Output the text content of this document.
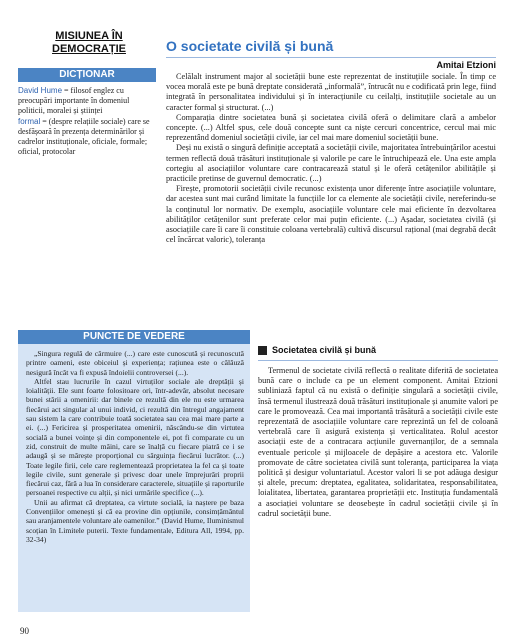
MISIUNEA ÎN
DEMOCRAȚIE
DICȚIONAR
David Hume = filosof englez cu preocupări importante în domeniul politicii, moralei și științei
formal = (despre relațiile sociale) care se desfășoară în prezența determinărilor și cadrelor instituționale, oficiale, formale; oficial, protocolar
O societate civilă și bună
Amitai Etzioni

Celălalt instrument major al societății bune este reprezentat de instituțiile sociale. În timp ce vocea morală este pe bună dreptate considerată „informală”, întrucât nu e codificată prin lege, fiind integrată în personalitatea individului și în interacțiunile cu ceilalți, instituțiile societale au un caracter formal și structurat. (...)

Comparația dintre societatea bună și societatea civilă oferă o delimitare clară a ambelor concepte. (...) Altfel spus, cele două concepte sunt ca niște cercuri concentrice, cercul mai mic reprezentând domeniul societății civile, iar cel mai mare domeniul societății bune.

Deși nu există o singură definiție acceptată a societății civile, majoritatea întrebuințărilor acestui termen reflectă două trăsături instituționale și valorile pe care le întruchipează ele. Una este ampla cortegiu al asociațiilor voluntare care contracarează statul și le oferă cetățenilor abilitățile și practicile pretinse de guvernul democratic. (...)

Firește, promotorii societății civile recunosc existența unor diferențe între asociațiile voluntare, dar acestea sunt mai curând limitate la funcțiile lor ca elemente ale societății civile, nereferindu-se la conținutul lor normativ. De exemplu, asociațiile voluntare cele mai eficiente în dezvoltarea abilităților cetățenilor sunt preferate celor mai puțin eficiente. (...) Așadar, societatea civilă (și asociațiile care îi care îi constituie coloana vertebrală) cultivă discursul rațional (mai degrabă decât cel încărcat valoric), toleranța

PUNCTE DE VEDERE

„Singura regulă de cârmuire (...) care este cunoscută și recunoscută printre oameni, este obiceiul și experiența; rațiunea este o călăuză nesigură încât va fi expusă îndoielii controversei (...).

Altfel stau lucrurile în cazul virtuților sociale ale dreptății și loialității. Ele sunt foarte folositoare ori, într-adevăr, absolut necesare bunei stării a omenirii: dar binele ce rezultă din ele nu este urmarea fiecărui act singular al unui individ, ci rezultă din întregul angajament sau sistem la care contribuie toată societatea sau cea mai mare parte a ei. (...) Fericirea și prosperitatea omenirii, născându-se din virtutea socială a bunei voințe și din componentele ei, pot fi comparate cu un zid, construit de multe mâini, care se înalță cu fiecare piatră ce i se adaugă și se mărește proporțional cu sârguința fiecărui lucrător. (...) Toate legile firii, cele care reglementează proprietatea la fel ca și toate legile civile, sunt generale și privesc doar unele împrejurări proprii fiecărui caz, fără a lua în considerare caracterele, situațiile și raporturile persoanei respective cu alții, și nici urmările specifice (...).

Unii au afirmat că dreptatea, ca virtute socială, ia naștere pe baza Convențiilor omenești și că ea provine din opțiunile, consimțământul sau aranjamentele voluntare ale oamenilor.” (David Hume, Iluminismul scoțian în Limitele puterii. Texte fundamentale, Editura All, 1994, pp. 32-34)

Societatea civilă și bună

Termenul de societate civilă reflectă o realitate diferită de societatea bună care o include ca pe un element component. Amitai Etzioni subliniază faptul că nu există o definiție singulară a societății civile, însă termenul ilustrează două trăsături instituționale și anumite valori pe care le promovează. Cea mai importantă trăsătură a societății civile este reprezentată de asociațiile voluntare care reprezintă un fel de coloană vertebrală care îi asigură existența și verticalitatea. Rolul acestor asociații este de a contracara acțiunile guvernanților, de a semnala eventuale pericole și mijloacele de depășire a acestora etc. Valorile promovate de către societatea civilă sunt toleranța, participarea la viața politică și desigur voluntariatul. Acestor valori li se pot adăuga desigur și altele, precum: dreptatea, egalitatea, solidaritatea, responsabilitatea, loialitatea, libertatea, garantarea proprietății etc. Instituția fundamentală a asociației voluntare se deosebește în cadrul societății civile și în cadrul societății bune.

90
